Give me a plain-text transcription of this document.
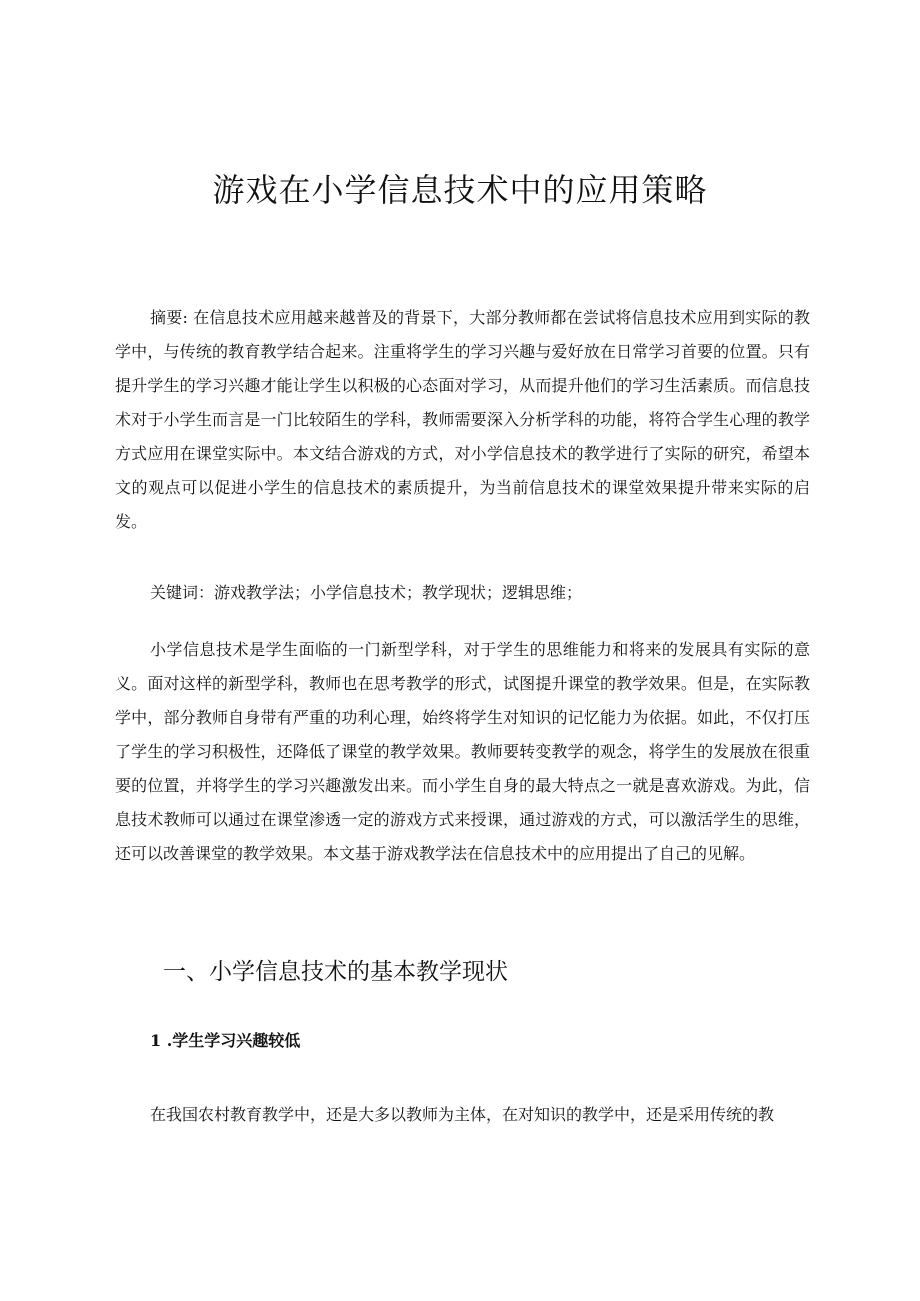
游戏在小学信息技术中的应用策略

摘要: 在信息技术应用越来越普及的背景下，大部分教师都在尝试将信息技术应用到实际的教学中，与传统的教育教学结合起来。注重将学生的学习兴趣与爱好放在日常学习首要的位置。只有提升学生的学习兴趣才能让学生以积极的心态面对学习，从而提升他们的学习生活素质。而信息技术对于小学生而言是一门比较陌生的学科，教师需要深入分析学科的功能，将符合学生心理的教学方式应用在课堂实际中。本文结合游戏的方式，对小学信息技术的教学进行了实际的研究，希望本文的观点可以促进小学生的信息技术的素质提升，为当前信息技术的课堂效果提升带来实际的启发。

关键词：游戏教学法；小学信息技术；教学现状；逻辑思维；

小学信息技术是学生面临的一门新型学科，对于学生的思维能力和将来的发展具有实际的意义。面对这样的新型学科，教师也在思考教学的形式，试图提升课堂的教学效果。但是，在实际教学中，部分教师自身带有严重的功利心理，始终将学生对知识的记忆能力为依据。如此，不仅打压了学生的学习积极性，还降低了课堂的教学效果。教师要转变教学的观念，将学生的发展放在很重要的位置，并将学生的学习兴趣激发出来。而小学生自身的最大特点之一就是喜欢游戏。为此，信息技术教师可以通过在课堂渗透一定的游戏方式来授课，通过游戏的方式，可以激活学生的思维，还可以改善课堂的教学效果。本文基于游戏教学法在信息技术中的应用提出了自己的见解。

一、小学信息技术的基本教学现状
1 .学生学习兴趣较低

在我国农村教育教学中，还是大多以教师为主体，在对知识的教学中，还是采用传统的教
